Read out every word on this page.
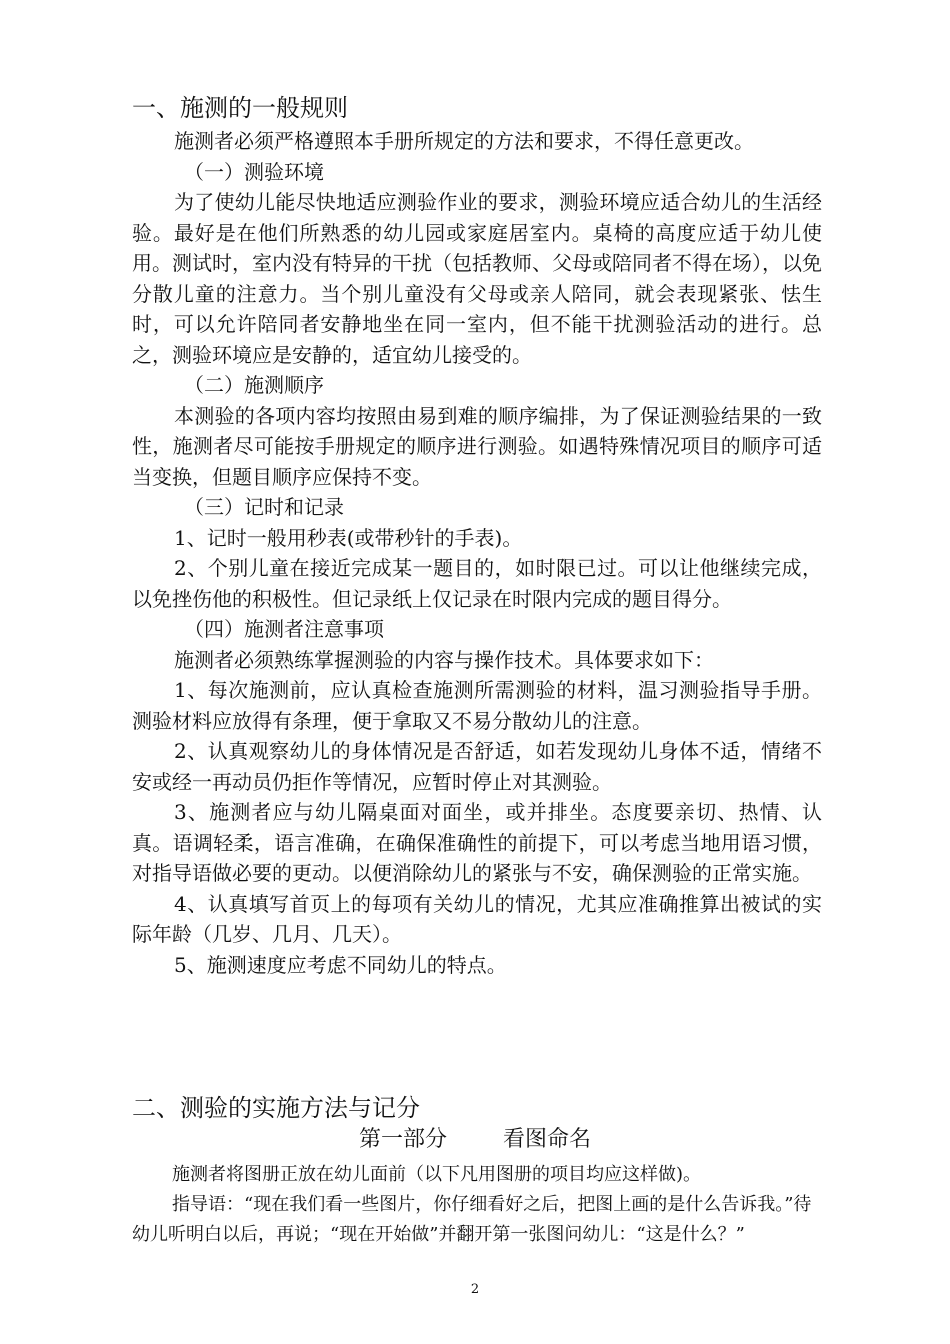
一、施测的一般规则

施测者必须严格遵照本手册所规定的方法和要求，不得任意更改。

（一）测验环境

为了使幼儿能尽快地适应测验作业的要求，测验环境应适合幼儿的生活经验。最好是在他们所熟悉的幼儿园或家庭居室内。桌椅的高度应适于幼儿使用。测试时，室内没有特异的干扰（包括教师、父母或陪同者不得在场），以免分散儿童的注意力。当个别儿童没有父母或亲人陪同，就会表现紧张、怯生时，可以允许陪同者安静地坐在同一室内，但不能干扰测验活动的进行。总之，测验环境应是安静的，适宜幼儿接受的。

（二）施测顺序

本测验的各项内容均按照由易到难的顺序编排，为了保证测验结果的一致性，施测者尽可能按手册规定的顺序进行测验。如遇特殊情况项目的顺序可适当变换，但题目顺序应保持不变。

（三）记时和记录

1、记时一般用秒表(或带秒针的手表)。

2、个别儿童在接近完成某一题目的，如时限已过。可以让他继续完成，以免挫伤他的积极性。但记录纸上仅记录在时限内完成的题目得分。

（四）施测者注意事项

施测者必须熟练掌握测验的内容与操作技术。具体要求如下：

1、每次施测前，应认真检查施测所需测验的材料，温习测验指导手册。测验材料应放得有条理，便于拿取又不易分散幼儿的注意。

2、认真观察幼儿的身体情况是否舒适，如若发现幼儿身体不适，情绪不安或经一再动员仍拒作等情况，应暂时停止对其测验。

3、施测者应与幼儿隔桌面对面坐，或并排坐。态度要亲切、热情、认真。语调轻柔，语言准确，在确保准确性的前提下，可以考虑当地用语习惯，对指导语做必要的更动。以便消除幼儿的紧张与不安，确保测验的正常实施。

4、认真填写首页上的每项有关幼儿的情况，尤其应准确推算出被试的实际年龄（几岁、几月、几天）。

5、施测速度应考虑不同幼儿的特点。

二、测验的实施方法与记分
第一部分	看图命名

施测者将图册正放在幼儿面前（以下凡用图册的项目均应这样做)。

指导语：“现在我们看一些图片，你仔细看好之后，把图上画的是什么告诉我。”待幼儿听明白以后，再说；“现在开始做”并翻开第一张图问幼儿：“这是什么？”

2
